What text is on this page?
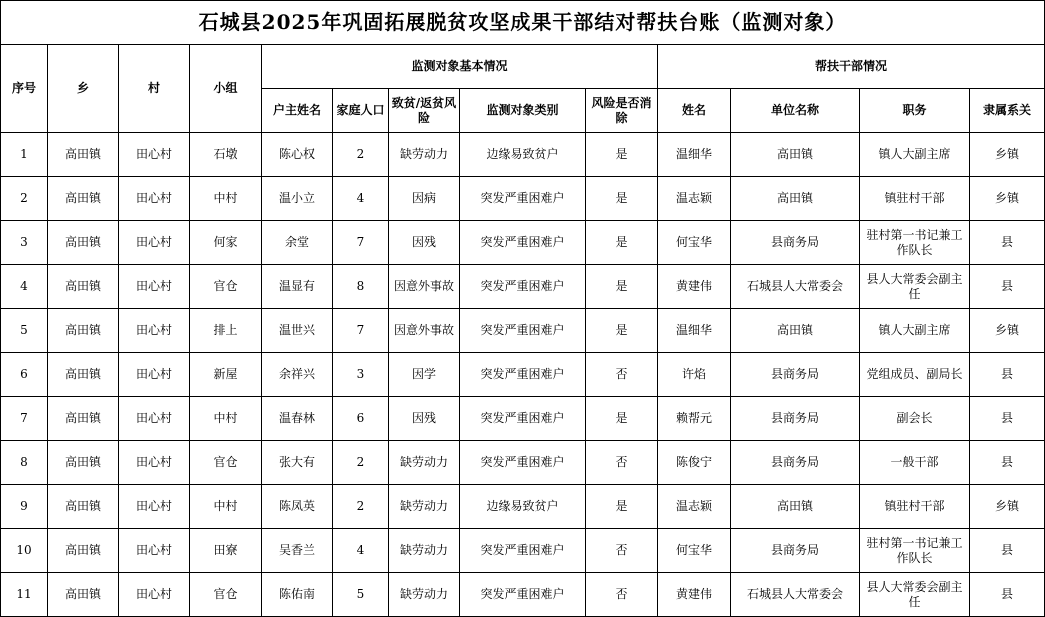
石城县2025年巩固拓展脱贫攻坚成果干部结对帮扶台账（监测对象）												
序号	乡	村	小组	监测对象基本情况					帮扶干部情况			
				户主姓名	家庭人口	致贫/返贫风险	监测对象类别	风险是否消除	姓名	单位名称	职务	隶属系关
1	高田镇	田心村	石墩	陈心权	2	缺劳动力	边缘易致贫户	是	温细华	高田镇	镇人大副主席	乡镇
2	高田镇	田心村	中村	温小立	4	因病	突发严重困难户	是	温志颖	高田镇	镇驻村干部	乡镇
3	高田镇	田心村	何家	余堂	7	因残	突发严重困难户	是	何宝华	县商务局	驻村第一书记兼工作队长	县
4	高田镇	田心村	官仓	温显有	8	因意外事故	突发严重困难户	是	黄建伟	石城县人大常委会	县人大常委会副主任	县
5	高田镇	田心村	排上	温世兴	7	因意外事故	突发严重困难户	是	温细华	高田镇	镇人大副主席	乡镇
6	高田镇	田心村	新屋	余祥兴	3	因学	突发严重困难户	否	许焰	县商务局	党组成员、副局长	县
7	高田镇	田心村	中村	温春林	6	因残	突发严重困难户	是	赖帮元	县商务局	副会长	县
8	高田镇	田心村	官仓	张大有	2	缺劳动力	突发严重困难户	否	陈俊宁	县商务局	一般干部	县
9	高田镇	田心村	中村	陈凤英	2	缺劳动力	边缘易致贫户	是	温志颖	高田镇	镇驻村干部	乡镇
10	高田镇	田心村	田寮	吴香兰	4	缺劳动力	突发严重困难户	否	何宝华	县商务局	驻村第一书记兼工作队长	县
11	高田镇	田心村	官仓	陈佑南	5	缺劳动力	突发严重困难户	否	黄建伟	石城县人大常委会	县人大常委会副主任	县
